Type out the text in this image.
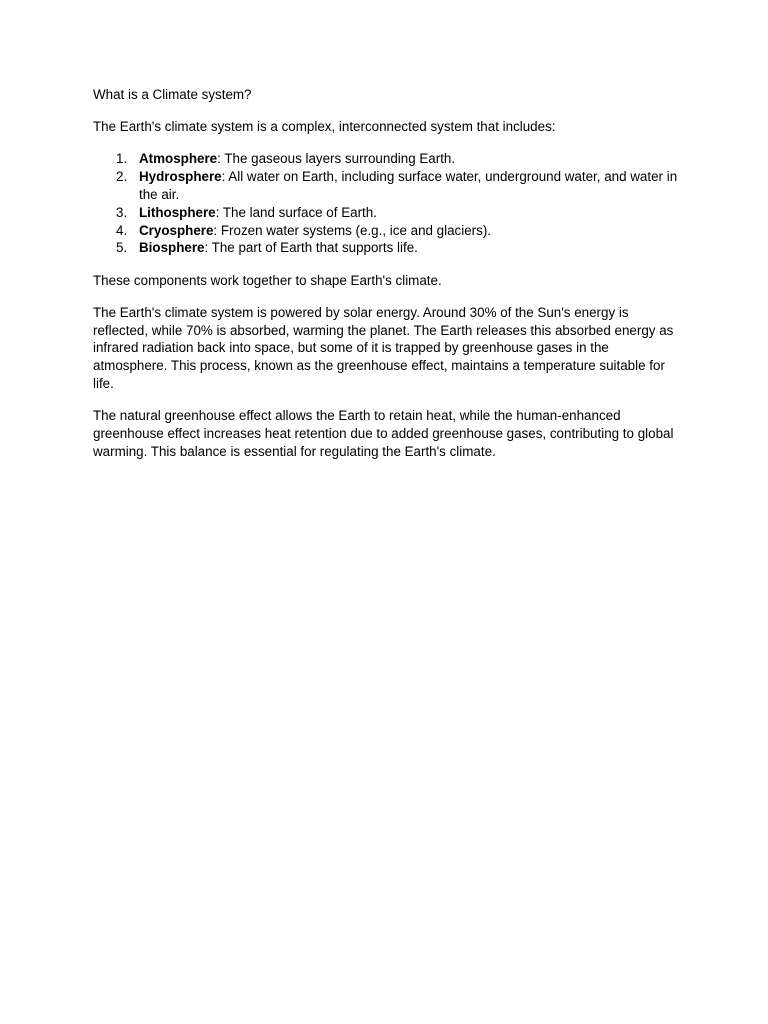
What is a Climate system?

The Earth's climate system is a complex, interconnected system that includes:

1. Atmosphere: The gaseous layers surrounding Earth.
2. Hydrosphere: All water on Earth, including surface water, underground water, and water in the air.
3. Lithosphere: The land surface of Earth.
4. Cryosphere: Frozen water systems (e.g., ice and glaciers).
5. Biosphere: The part of Earth that supports life.

These components work together to shape Earth's climate.

The Earth's climate system is powered by solar energy. Around 30% of the Sun's energy is reflected, while 70% is absorbed, warming the planet. The Earth releases this absorbed energy as infrared radiation back into space, but some of it is trapped by greenhouse gases in the atmosphere. This process, known as the greenhouse effect, maintains a temperature suitable for life.

The natural greenhouse effect allows the Earth to retain heat, while the human-enhanced greenhouse effect increases heat retention due to added greenhouse gases, contributing to global warming. This balance is essential for regulating the Earth's climate.
